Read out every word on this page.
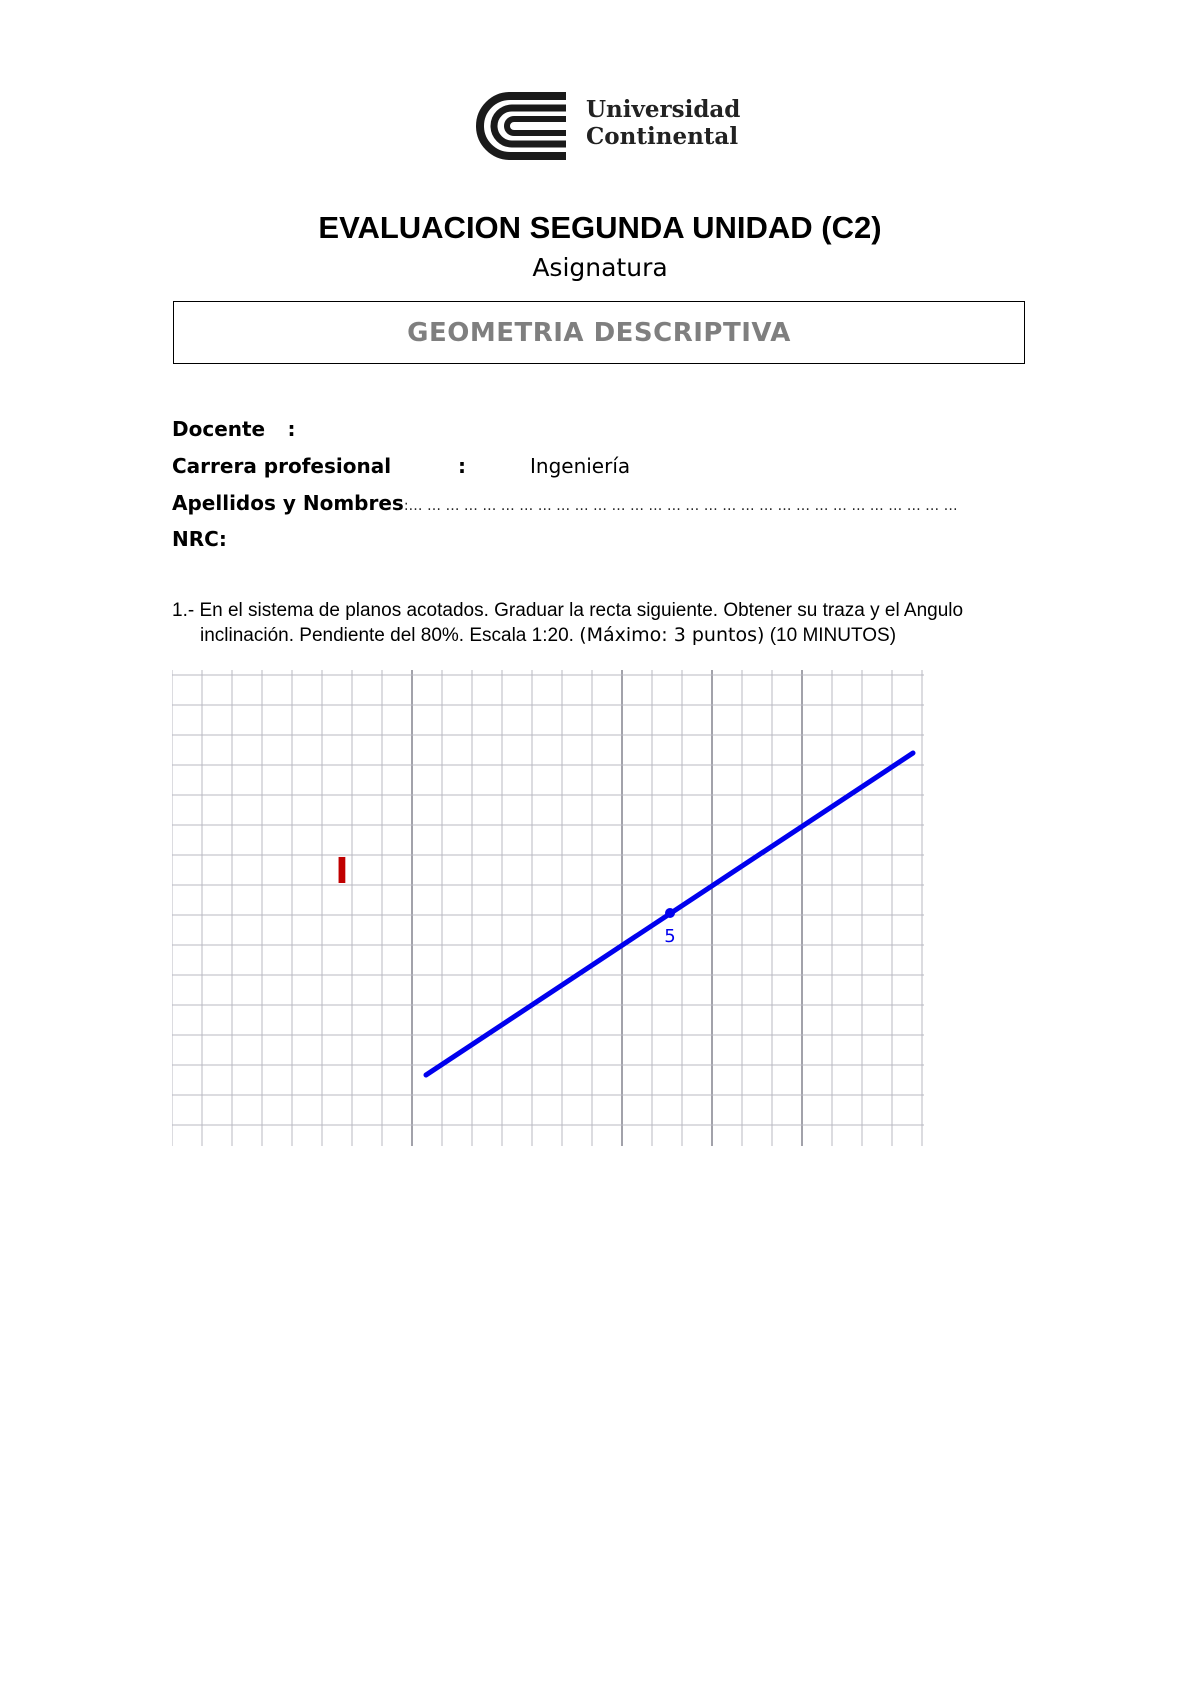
Universidad
Continental
EVALUACION SEGUNDA UNIDAD (C2)
Asignatura
GEOMETRIA DESCRIPTIVA
Docente :
Carrera profesional	:	Ingeniería
Apellidos y Nombres:… … … … … … … … … … … … … … … … … … … … … … … … … … … … … …
NRC:
1.- En el sistema de planos acotados. Graduar la recta siguiente. Obtener su traza y el Angulo
inclinación. Pendiente del 80%. Escala 1:20. (Máximo: 3 puntos) (10 MINUTOS)
5
I
